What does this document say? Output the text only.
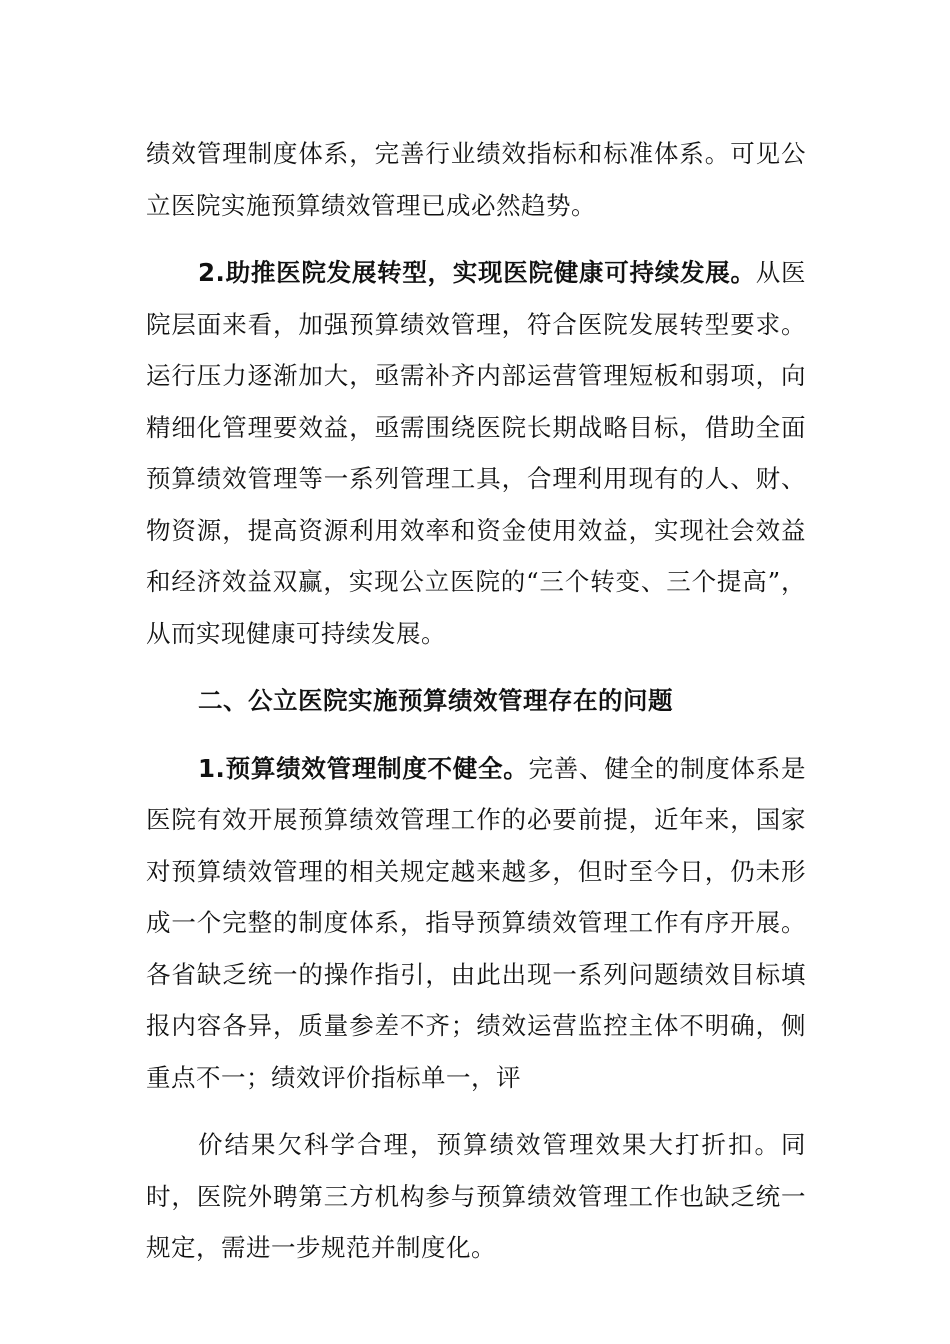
绩效管理制度体系，完善行业绩效指标和标准体系。可见公立医院实施预算绩效管理已成必然趋势。

2.助推医院发展转型，实现医院健康可持续发展。从医院层面来看，加强预算绩效管理，符合医院发展转型要求。运行压力逐渐加大，亟需补齐内部运营管理短板和弱项，向精细化管理要效益，亟需围绕医院长期战略目标，借助全面预算绩效管理等一系列管理工具，合理利用现有的人、财、物资源，提高资源利用效率和资金使用效益，实现社会效益和经济效益双赢，实现公立医院的“三个转变、三个提高”，从而实现健康可持续发展。

二、公立医院实施预算绩效管理存在的问题

1.预算绩效管理制度不健全。完善、健全的制度体系是医院有效开展预算绩效管理工作的必要前提，近年来，国家对预算绩效管理的相关规定越来越多，但时至今日，仍未形成一个完整的制度体系，指导预算绩效管理工作有序开展。各省缺乏统一的操作指引，由此出现一系列问题绩效目标填报内容各异，质量参差不齐；绩效运营监控主体不明确，侧重点不一；绩效评价指标单一，评

价结果欠科学合理，预算绩效管理效果大打折扣。同时，医院外聘第三方机构参与预算绩效管理工作也缺乏统一规定，需进一步规范并制度化。
